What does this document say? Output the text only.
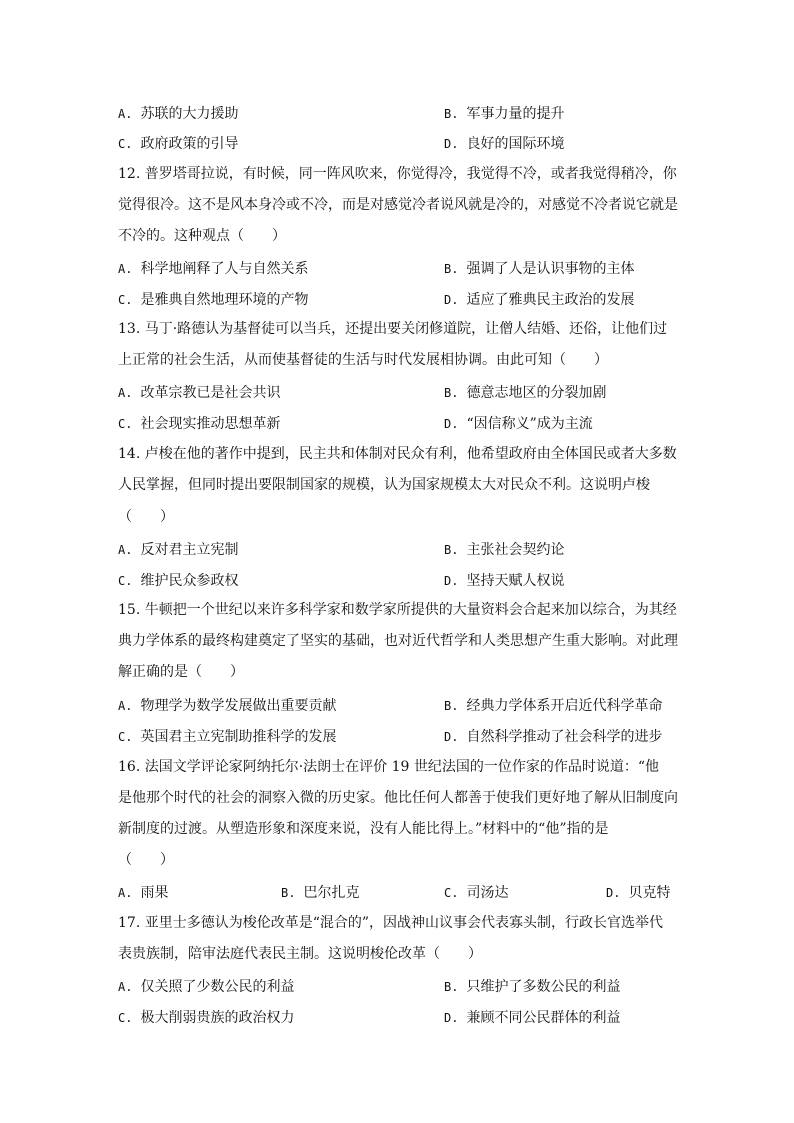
A. 苏联的大力援助	B. 军事力量的提升
C. 政府政策的引导	D. 良好的国际环境
12. 普罗塔哥拉说，有时候，同一阵风吹来，你觉得冷，我觉得不冷，或者我觉得稍冷，你
觉得很冷。这不是风本身冷或不冷，而是对感觉冷者说风就是冷的，对感觉不冷者说它就是
不冷的。这种观点（　　）
A. 科学地阐释了人与自然关系	B. 强调了人是认识事物的主体
C. 是雅典自然地理环境的产物	D. 适应了雅典民主政治的发展
13. 马丁·路德认为基督徒可以当兵，还提出要关闭修道院，让僧人结婚、还俗，让他们过
上正常的社会生活，从而使基督徒的生活与时代发展相协调。由此可知（　　）
A. 改革宗教已是社会共识	B. 德意志地区的分裂加剧
C. 社会现实推动思想革新	D. “因信称义”成为主流
14. 卢梭在他的著作中提到，民主共和体制对民众有利，他希望政府由全体国民或者大多数
人民掌握，但同时提出要限制国家的规模，认为国家规模太大对民众不利。这说明卢梭
（　　）
A. 反对君主立宪制	B. 主张社会契约论
C. 维护民众参政权	D. 坚持天赋人权说
15. 牛顿把一个世纪以来许多科学家和数学家所提供的大量资料会合起来加以综合，为其经
典力学体系的最终构建奠定了坚实的基础，也对近代哲学和人类思想产生重大影响。对此理
解正确的是（　　）
A. 物理学为数学发展做出重要贡献	B. 经典力学体系开启近代科学革命
C. 英国君主立宪制助推科学的发展	D. 自然科学推动了社会科学的进步
16. 法国文学评论家阿纳托尔·法朗士在评价 19 世纪法国的一位作家的作品时说道：“他
是他那个时代的社会的洞察入微的历史家。他比任何人都善于使我们更好地了解从旧制度向
新制度的过渡。从塑造形象和深度来说，没有人能比得上。”材料中的“他”指的是
（　　）
A. 雨果	B. 巴尔扎克	C. 司汤达	D. 贝克特
17. 亚里士多德认为梭伦改革是“混合的”，因战神山议事会代表寡头制，行政长官选举代
表贵族制，陪审法庭代表民主制。这说明梭伦改革（　　）
A. 仅关照了少数公民的利益	B. 只维护了多数公民的利益
C. 极大削弱贵族的政治权力	D. 兼顾不同公民群体的利益
